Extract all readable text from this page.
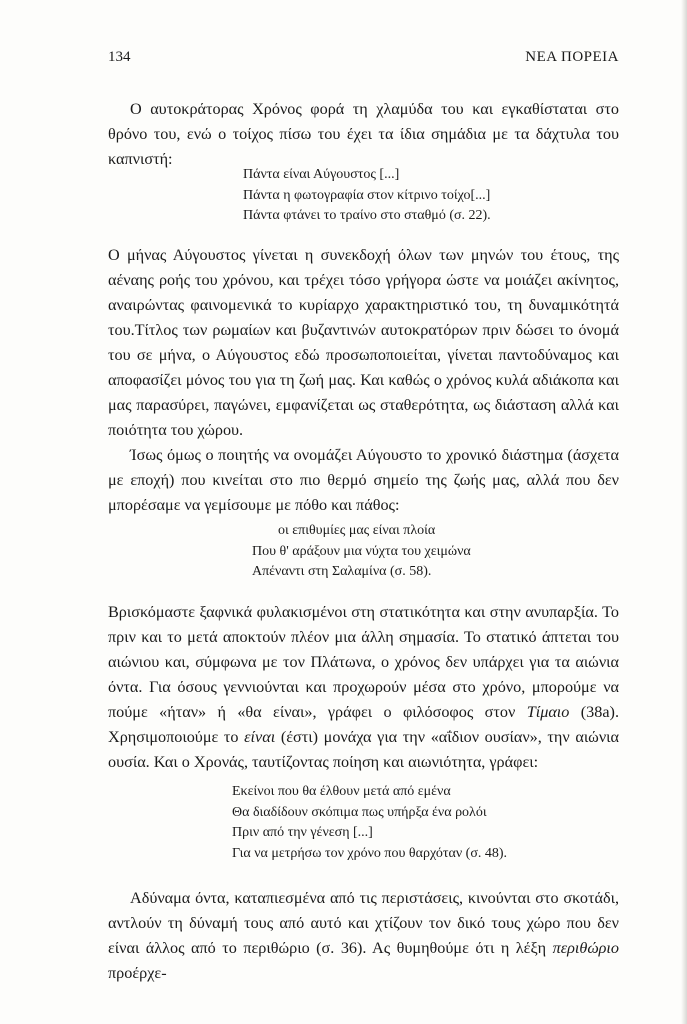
134	ΝΕΑ ΠΟΡΕΙΑ

Ο αυτοκράτορας Χρόνος φορά τη χλαμύδα του και εγκαθίσταται στο θρόνο του, ενώ ο τοίχος πίσω του έχει τα ίδια σημάδια με τα δάχτυλα του καπνιστή:

Πάντα είναι Αύγουστος [...]
Πάντα η φωτογραφία στον κίτρινο τοίχο[...]
Πάντα φτάνει το τραίνο στο σταθμό (σ. 22).

Ο μήνας Αύγουστος γίνεται η συνεκδοχή όλων των μηνών του έτους, της αέναης ροής του χρόνου, και τρέχει τόσο γρήγορα ώστε να μοιάζει ακίνητος, αναιρώντας φαινομενικά το κυρίαρχο χαρακτηριστικό του, τη δυναμικότητά του.Τίτλος των ρωμαίων και βυζαντινών αυτοκρατόρων πριν δώσει το όνομά του σε μήνα, ο Αύγουστος εδώ προσωποποιείται, γίνεται παντοδύναμος και αποφασίζει μόνος του για τη ζωή μας. Και καθώς ο χρόνος κυλά αδιάκοπα και μας παρασύρει, παγώνει, εμφανίζεται ως σταθερότητα, ως διάσταση αλλά και ποιότητα του χώρου.

Ίσως όμως ο ποιητής να ονομάζει Αύγουστο το χρονικό διάστημα (άσχετα με εποχή) που κινείται στο πιο θερμό σημείο της ζωής μας, αλλά που δεν μπορέσαμε να γεμίσουμε με πόθο και πάθος:

οι επιθυμίες μας είναι πλοία
Που θ' αράξουν μια νύχτα του χειμώνα
Απέναντι στη Σαλαμίνα (σ. 58).

Βρισκόμαστε ξαφνικά φυλακισμένοι στη στατικότητα και στην ανυπαρξία. Το πριν και το μετά αποκτούν πλέον μια άλλη σημασία. Το στατικό άπτεται του αιώνιου και, σύμφωνα με τον Πλάτωνα, ο χρόνος δεν υπάρχει για τα αιώνια όντα. Για όσους γεννιούνται και προχωρούν μέσα στο χρόνο, μπορούμε να πούμε «ήταν» ή «θα είναι», γράφει ο φιλόσοφος στον Τίμαιο (38a). Χρησιμοποιούμε το είναι (έστι) μονάχα για την «αΐδιον ουσίαν», την αιώνια ουσία. Και ο Χρονάς, ταυτίζοντας ποίηση και αιωνιότητα, γράφει:

Εκείνοι που θα έλθουν μετά από εμένα
Θα διαδίδουν σκόπιμα πως υπήρξα ένα ρολόι
Πριν από την γένεση [...]
Για να μετρήσω τον χρόνο που θαρχόταν (σ. 48).

Αδύναμα όντα, καταπιεσμένα από τις περιστάσεις, κινούνται στο σκοτάδι, αντλούν τη δύναμή τους από αυτό και χτίζουν τον δικό τους χώρο που δεν είναι άλλος από το περιθώριο (σ. 36). Ας θυμηθούμε ότι η λέξη περιθώριο προέρχε-
